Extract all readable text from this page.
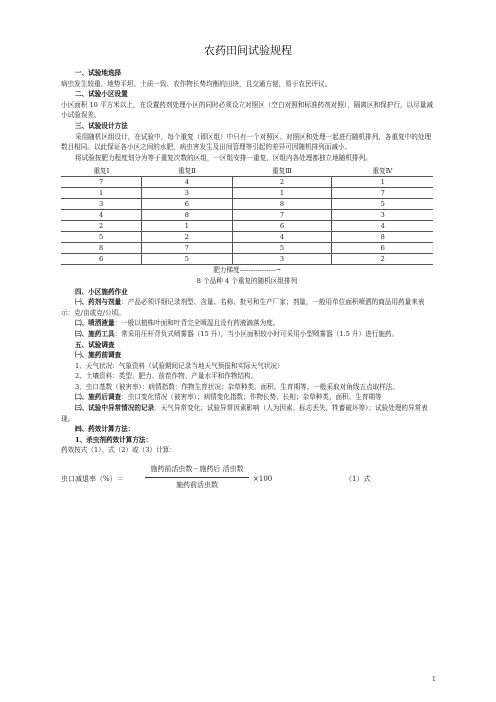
农药田间试验规程
一、试验地选择
病虫发生较重、地势平坦、土质一致、农作物长势均衡的田块，且交通方便，易于农民评议。
二、试验小区设置
小区面积 10 平方米以上，在设置药剂处理小区的同时必须设立对照区（空白对照和标准药剂对照），隔离区和保护行，以尽量减小试验误差。
三、试验设计方法
采用随机区组设计，在试验中，每个重复（即区组）中只有一个对照区、对照区和处理一起进行随机排列，各重复中的处理数目相同。以此保证各小区之间的水肥，病虫害发生及田间管理等引起的差异可因随机排列而减小。
将试验按肥力程度划分为等于重复次数的区组，一区组安排一重复，区组内各处理都独立地随机排列。
重复Ⅰ	重复Ⅱ	重复Ⅲ	重复Ⅳ
7	4	2	1
1	3	1	7
3	6	8	5
4	8	7	3
2	1	6	4
5	2	4	8
8	7	5	6
6	5	3	2
肥力梯度----------------→
8 个品种 4 个重复的随机区组排列
四、小区施药作业
㈠、药剂与剂量：产品必须详细记录剂型、含量、名称、批号和生产厂家；剂量，一般用单位面积喷洒的商品用药量来表示：克/亩或克/公顷。
㈡、喷洒液量：一般以植株叶面和叶背完全喷湿且没有药液滴落为度。
㈢、施药工具：常采用压杆背负式喷雾器（15 升），当小区面积较小时可采用小型喷雾器（1.5 升）进行施药。
五、试验调查
㈠、施药前调查
1、天气状况：气象资料（试验期间记录当地天气预报和实际天气状况）
2、土壤资料：类型、肥力、前茬作物、产量水平和作物结构。
3、虫口基数（被害率）：病情指数：作物生育状况；杂草种类、面积、生育期等。一般采取对角线五点取样法。
㈡、施药后调查：虫口变化情况（被害率）；病情变化指数；作物长势、长相；杂草种类、面积、生育期等
㈢、试验中异常情况的记录．天气异常变化；试验异常因素影响（人为因素、标志丢失，牲畜破坏等）；试验处理的异常表现。
㈣、药效计算方法：
1、杀虫剂药效计算方法：
药效按式（1）、式（2）或（3）计算：
虫口减退率（%）＝
施药前活虫数－施药后 活虫数
施药前活虫数
×100	（1）式
1
